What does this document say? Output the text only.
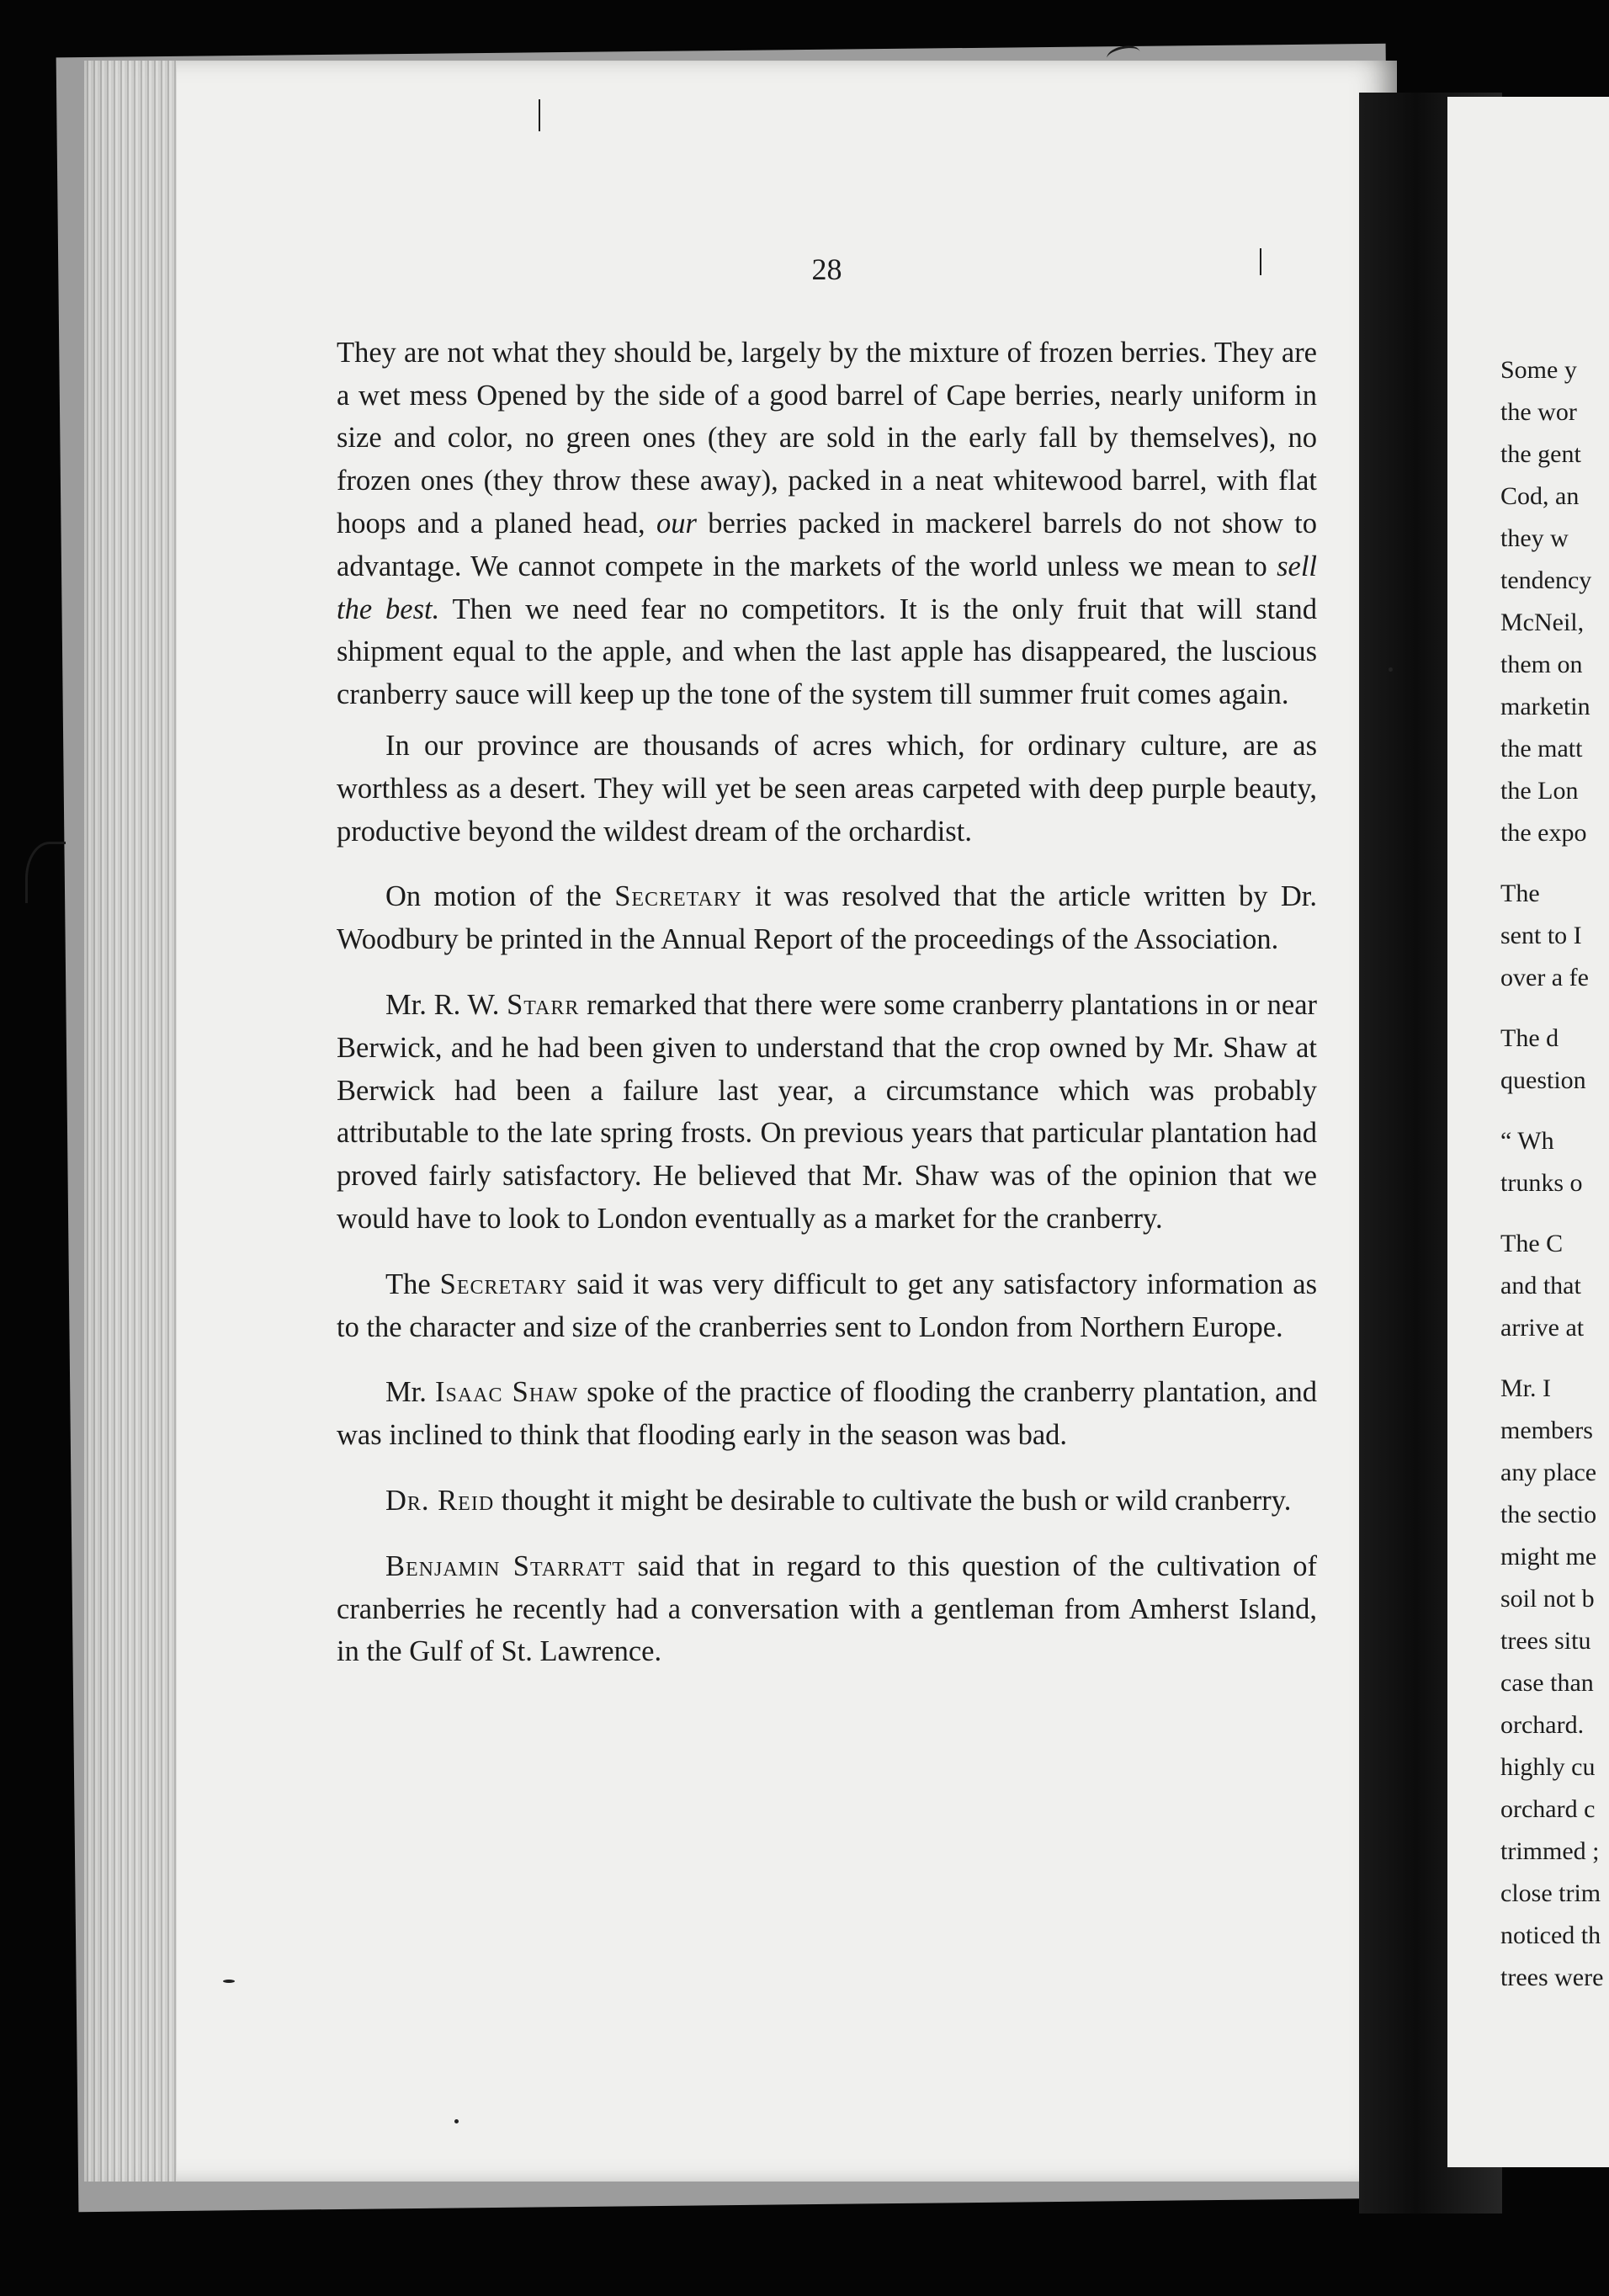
28

They are not what they should be, largely by the mixture of frozen berries. They are a wet mess Opened by the side of a good barrel of Cape berries, nearly uniform in size and color, no green ones (they are sold in the early fall by themselves), no frozen ones (they throw these away), packed in a neat whitewood barrel, with flat hoops and a planed head, our berries packed in mackerel barrels do not show to advantage. We cannot compete in the markets of the world unless we mean to sell the best. Then we need fear no competitors. It is the only fruit that will stand shipment equal to the apple, and when the last apple has disappeared, the luscious cranberry sauce will keep up the tone of the system till summer fruit comes again.

In our province are thousands of acres which, for ordinary culture, are as worthless as a desert. They will yet be seen areas carpeted with deep purple beauty, productive beyond the wildest dream of the orchardist.

On motion of the Secretary it was resolved that the article written by Dr. Woodbury be printed in the Annual Report of the proceedings of the Association.

Mr. R. W. Starr remarked that there were some cranberry plantations in or near Berwick, and he had been given to understand that the crop owned by Mr. Shaw at Berwick had been a failure last year, a circumstance which was probably attributable to the late spring frosts. On previous years that particular plantation had proved fairly satisfactory. He believed that Mr. Shaw was of the opinion that we would have to look to London eventually as a market for the cranberry.

The Secretary said it was very difficult to get any satisfactory information as to the character and size of the cranberries sent to London from Northern Europe.

Mr. Isaac Shaw spoke of the practice of flooding the cranberry plantation, and was inclined to think that flooding early in the season was bad.

Dr. Reid thought it might be desirable to cultivate the bush or wild cranberry.

Benjamin Starratt said that in regard to this question of the cultivation of cranberries he recently had a conversation with a gentleman from Amherst Island, in the Gulf of St. Lawrence.

Some y
the wor
the gent
Cod, an
they w
tendency
McNeil,
them on
marketin
the matt
the Lon
the expo
The
sent to I
over a fe
The d
question
“ Wh
trunks o
The C
and that
arrive at
Mr. I
members
any place
the sectio
might me
soil not b
trees situ
case than
orchard.
highly cu
orchard c
trimmed ;
close trim
noticed th
trees were
